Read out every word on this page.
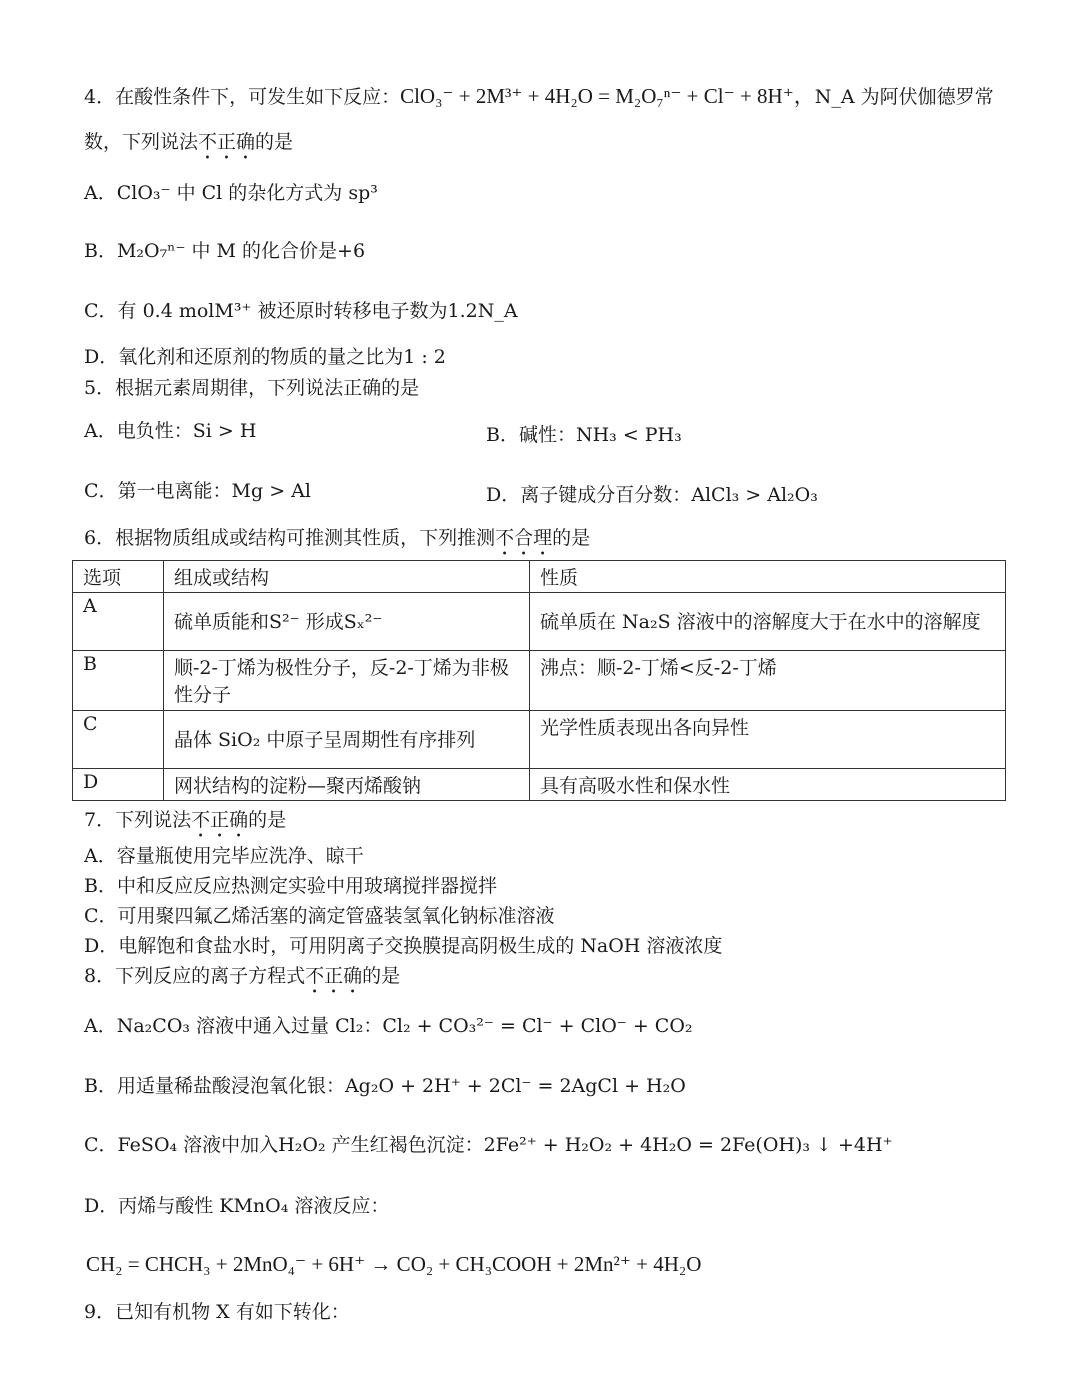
4．在酸性条件下，可发生如下反应：ClO₃⁻ + 2M³⁺ + 4H₂O = M₂O₇ⁿ⁻ + Cl⁻ + 8H⁺，N_A 为阿伏伽德罗常
数，下列说法不正确的是
A．ClO₃⁻ 中 Cl 的杂化方式为 sp³
B．M₂O₇ⁿ⁻ 中 M 的化合价是+6
C．有 0.4 molM³⁺ 被还原时转移电子数为1.2N_A
D．氧化剂和还原剂的物质的量之比为1 : 2
5．根据元素周期律，下列说法正确的是
A．电负性：Si > H	B．碱性：NH₃ < PH₃
C．第一电离能：Mg > Al	D．离子键成分百分数：AlCl₃ > Al₂O₃
6．根据物质组成或结构可推测其性质，下列推测不合理的是
选项	组成或结构	性质
A	硫单质能和S²⁻ 形成Sₓ²⁻	硫单质在 Na₂S 溶液中的溶解度大于在水中的溶解度

B	顺-2-丁烯为极性分子，反-2-丁烯为非极
性分子	沸点：顺-2-丁烯<反-2-丁烯
C	晶体 SiO₂ 中原子呈周期性有序排列	光学性质表现出各向异性
D	网状结构的淀粉—聚丙烯酸钠	具有高吸水性和保水性
7．下列说法不正确的是
A．容量瓶使用完毕应洗净、晾干
B．中和反应反应热测定实验中用玻璃搅拌器搅拌
C．可用聚四氟乙烯活塞的滴定管盛装氢氧化钠标准溶液
D．电解饱和食盐水时，可用阴离子交换膜提高阴极生成的 NaOH 溶液浓度
8．下列反应的离子方程式不正确的是
A．Na₂CO₃ 溶液中通入过量 Cl₂：Cl₂ + CO₃²⁻ = Cl⁻ + ClO⁻ + CO₂
B．用适量稀盐酸浸泡氧化银：Ag₂O + 2H⁺ + 2Cl⁻ = 2AgCl + H₂O
C．FeSO₄ 溶液中加入H₂O₂ 产生红褐色沉淀：2Fe²⁺ + H₂O₂ + 4H₂O = 2Fe(OH)₃ ↓ +4H⁺
D．丙烯与酸性 KMnO₄ 溶液反应：
CH₂ = CHCH₃ + 2MnO₄⁻ + 6H⁺ → CO₂ + CH₃COOH + 2Mn²⁺ + 4H₂O
9．已知有机物 X 有如下转化：
